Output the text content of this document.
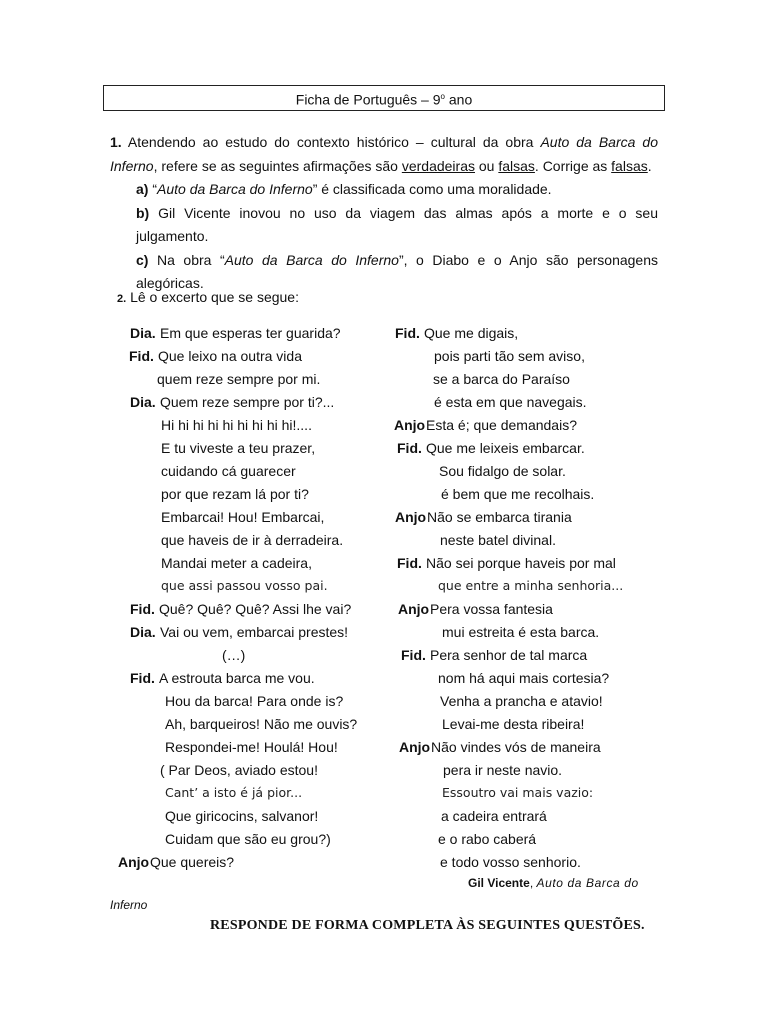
Ficha de Português – 9$^o$ ano

1. Atendendo ao estudo do contexto histórico – cultural da obra Auto da Barca do Inferno, refere se as seguintes afirmações são verdadeiras ou falsas. Corrige as falsas.

a) “Auto da Barca do Inferno” é classificada como uma moralidade.

b) Gil Vicente inovou no uso da viagem das almas após a morte e o seu julgamento.

c) Na obra “Auto da Barca do Inferno”, o Diabo e o Anjo são personagens alegóricas.

2. Lê o excerto que se segue:
Dia. Em que esperas ter guarida?
Fid. Que leixo na outra vida
quem reze sempre por mi.
Dia. Quem reze sempre por ti?...
Hi hi hi hi hi hi hi hi hi!....
E tu viveste a teu prazer,
cuidando cá guarecer
por que rezam lá por ti?
Embarcai! Hou! Embarcai,
que haveis de ir à derradeira.
Mandai meter a cadeira,
que assi passou vosso pai.
Fid. Quê? Quê? Quê? Assi lhe vai?
Dia. Vai ou vem, embarcai prestes!
(…)
Fid. A estrouta barca me vou.
Hou da barca! Para onde is?
Ah, barqueiros! Não me ouvis?
Respondei-me! Houlá! Hou!
( Par Deos, aviado estou!
Cant’ a isto é já pior...
Que giricocins, salvanor!
Cuidam que são eu grou?)
Anjo Que quereis?
Fid. Que me digais,
pois parti tão sem aviso,
se a barca do Paraíso
é esta em que navegais.
Anjo Esta é; que demandais?
Fid. Que me leixeis embarcar.
Sou fidalgo de solar.
é bem que me recolhais.
Anjo Não se embarca tirania
neste batel divinal.
Fid. Não sei porque haveis por mal
que entre a minha senhoria...
Anjo Pera vossa fantesia
mui estreita é esta barca.
Fid. Pera senhor de tal marca
nom há aqui mais cortesia?
Venha a prancha e atavio!
Levai-me desta ribeira!
Anjo Não vindes vós de maneira
pera ir neste navio.
Essoutro vai mais vazio:
a cadeira entrará
e o rabo caberá
e todo vosso senhorio.
Gil Vicente, Auto da Barca do
Inferno
RESPONDE DE FORMA COMPLETA ÀS SEGUINTES QUESTÕES.
